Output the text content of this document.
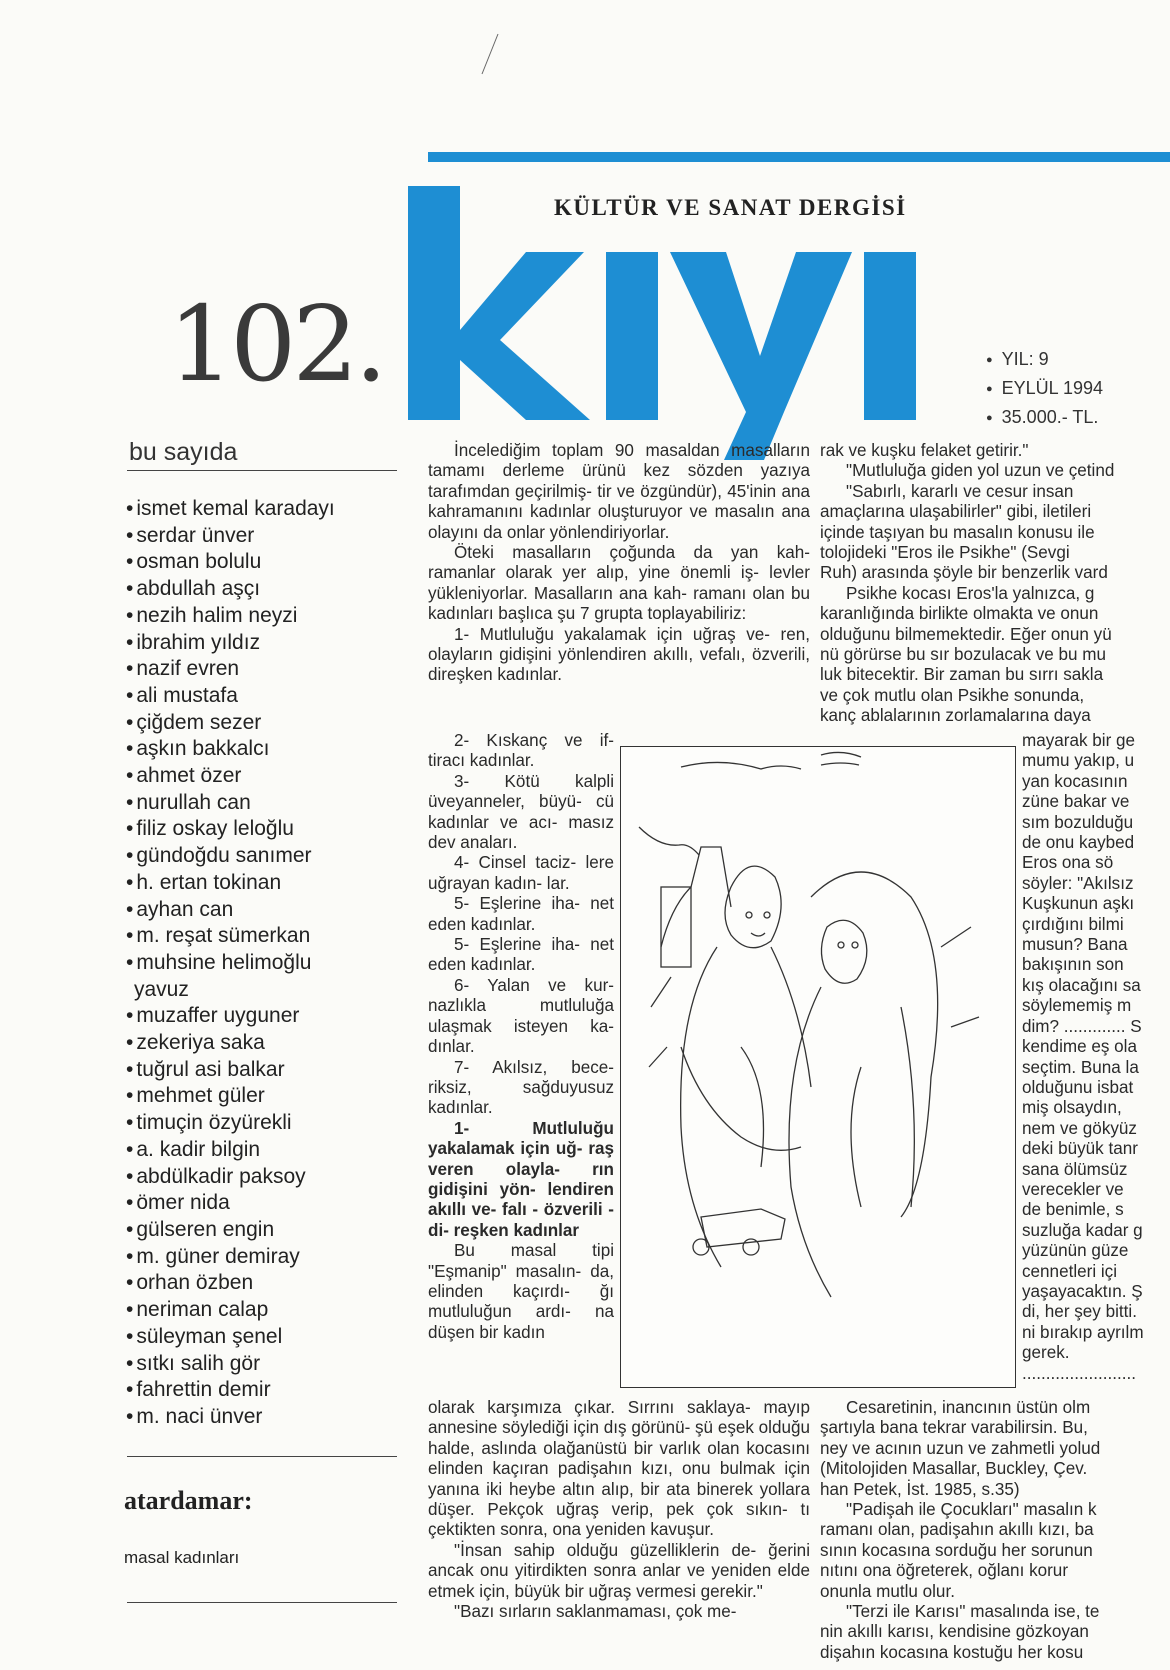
KÜLTÜR VE SANAT DERGİSİ
102.
●	YIL: 9
● EYLÜL 1994
● 35.000.- TL.
bu sayıda
• ismet kemal karadayı
• serdar ünver
• osman bolulu
• abdullah aşçı
• nezih halim neyzi
• ibrahim yıldız
• nazif evren
• ali mustafa
• çiğdem sezer
• aşkın bakkalcı
• ahmet özer
• nurullah can
• filiz oskay leloğlu
• gündoğdu sanımer
• h. ertan tokinan
• ayhan can
• m. reşat sümerkan
• muhsine helimoğlu
yavuz
• muzaffer uyguner
• zekeriya saka
• tuğrul asi balkar
• mehmet güler
• timuçin özyürekli
• a. kadir bilgin
• abdülkadir paksoy
• ömer nida
• gülseren engin
• m. güner demiray
• orhan özben
• neriman calap
• süleyman şenel
• sıtkı salih gör
• fahrettin demir
• m. naci ünver
atardamar:
masal kadınları

İncelediğim toplam 90 masaldan masalların tamamı derleme ürünü kez sözden yazıya tarafımdan geçirilmiş- tir ve özgündür), 45'inin ana kahramanını kadınlar oluşturuyor ve masalın ana olayını da onlar yönlendiriyorlar.

Öteki masalların çoğunda da yan kah- ramanlar olarak yer alıp, yine önemli iş- levler yükleniyorlar. Masalların ana kah- ramanı olan bu kadınları başlıca şu 7 grupta toplayabiliriz:

1- Mutluluğu yakalamak için uğraş ve- ren, olayların gidişini yönlendiren akıllı, vefalı, özverili, direşken kadınlar.

2- Kıskanç ve if- tiracı kadınlar.

3- Kötü kalpli üveyanneler, büyü- cü kadınlar ve acı- masız dev anaları.

4- Cinsel taciz- lere uğrayan kadın- lar.

5- Eşlerine iha- net eden kadınlar.

5- Eşlerine iha- net eden kadınlar.

6- Yalan ve kur- nazlıkla mutluluğa ulaşmak isteyen ka- dınlar.

7- Akılsız, bece- riksiz, sağduyusuz kadınlar.

1- Mutluluğu yakalamak için uğ- raş veren olayla- rın gidişini yön- lendiren akıllı ve- falı - özverili - di- reşken kadınlar

Bu masal tipi "Eşmanip" masalın- da, elinden kaçırdı- ğı mutluluğun ardı- na düşen bir kadın

rak ve kuşku felaket getirir."
"Mutluluğa giden yol uzun ve çetind
"Sabırlı, kararlı ve cesur insan
amaçlarına ulaşabilirler" gibi, iletileri
içinde taşıyan bu masalın konusu ile
tolojideki "Eros ile Psikhe" (Sevgi
Ruh) arasında şöyle bir benzerlik vard
Psikhe kocası Eros'la yalnızca, g
karanlığında birlikte olmakta ve onun
olduğunu bilmemektedir. Eğer onun yü
nü görürse bu sır bozulacak ve bu mu
luk bitecektir. Bir zaman bu sırrı sakla
ve çok mutlu olan Psikhe sonunda,
kanç ablalarının zorlamalarına daya
mayarak bir ge
mumu yakıp, u
yan kocasının
züne bakar ve
sım bozulduğu
de onu kaybed
Eros ona sö
söyler: "Akılsız
Kuşkunun aşkı
çırdığını bilmi
musun? Bana
bakışının son
kış olacağını sa
söylememiş m
dim? ............. S
kendime eş ola
seçtim. Buna la
olduğunu isbat
miş olsaydın,
nem ve gökyüz
deki büyük tanr
sana ölümsüz
verecekler ve
de benimle, s
suzluğa kadar g
yüzünün güze
cennetleri içi
yaşayacaktın. Ş
di, her şey bitti.
ni bırakıp ayrılm
gerek.
........................

olarak karşımıza çıkar. Sırrını saklaya- mayıp annesine söylediği için dış görünü- şü eşek olduğu halde, aslında olağanüstü bir varlık olan kocasını elinden kaçıran padişahın kızı, onu bulmak için yanına iki heybe altın alıp, bir ata binerek yollara düşer. Pekçok uğraş verip, pek çok sıkın- tı çektikten sonra, ona yeniden kavuşur.

"İnsan sahip olduğu güzelliklerin de- ğerini ancak onu yitirdikten sonra anlar ve yeniden elde etmek için, büyük bir uğraş vermesi gerekir."

"Bazı sırların saklanmaması, çok me-

Cesaretinin, inancının üstün olm
şartıyla bana tekrar varabilirsin. Bu,
ney ve acının uzun ve zahmetli yolud
(Mitolojiden Masallar, Buckley, Çev.
han Petek, İst. 1985, s.35)
"Padişah ile Çocukları" masalın k
ramanı olan, padişahın akıllı kızı, ba
sının kocasına sorduğu her sorunun
nıtını ona öğreterek, oğlanı korur
onunla mutlu olur.
"Terzi ile Karısı" masalında ise, te
nin akıllı karısı, kendisine gözkoyan
dişahın kocasına kostuğu her kosu
